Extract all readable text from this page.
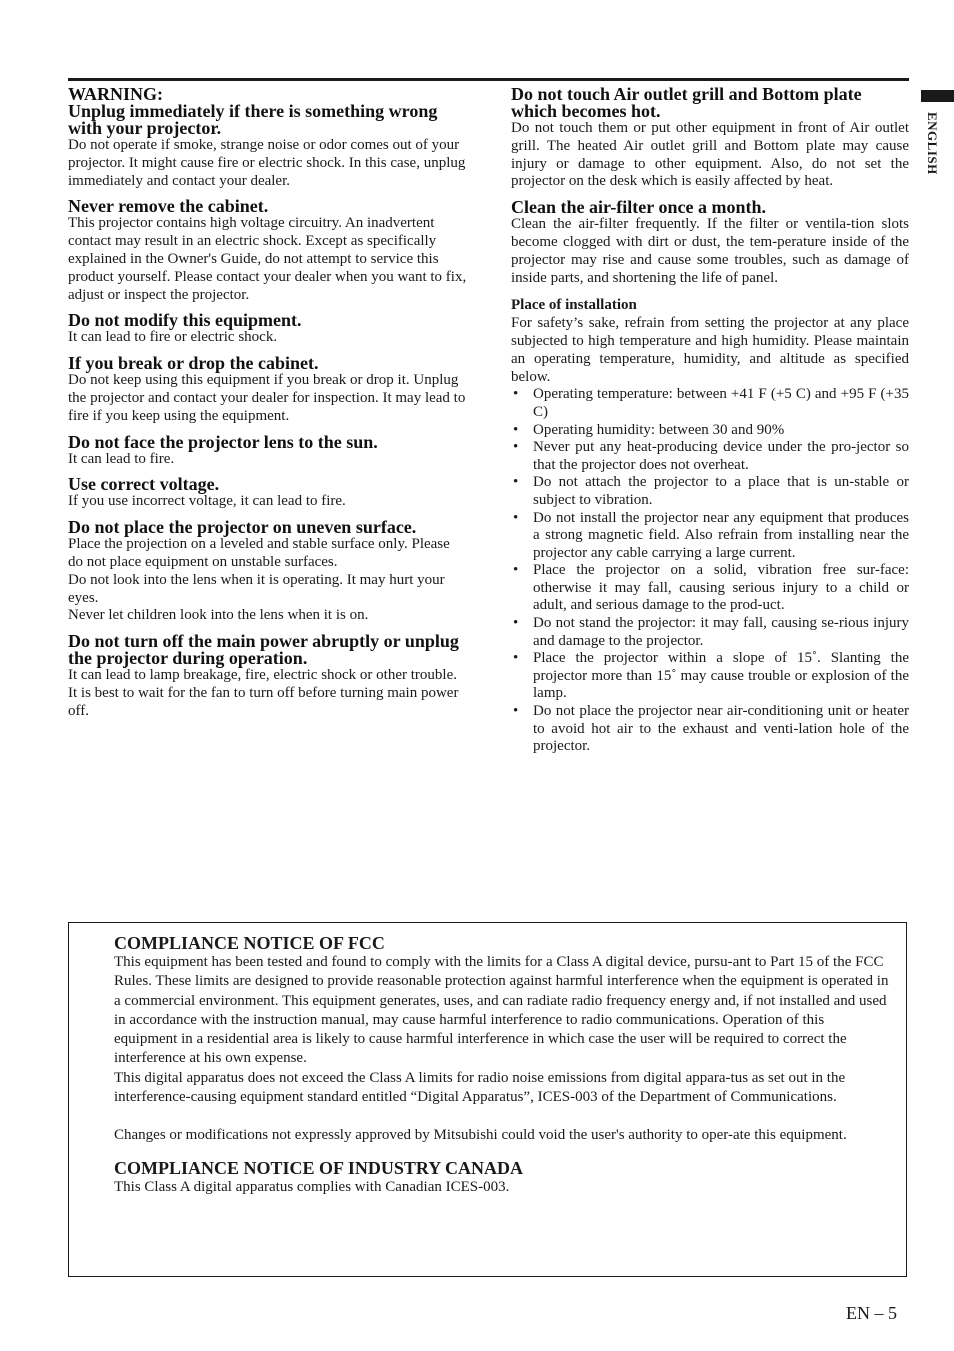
ENGLISH
WARNING:
Unplug immediately if there is something wrong with your projector.

Do not operate if smoke, strange noise or odor comes out of your projector. It might cause fire or electric shock. In this case, unplug immediately and contact your dealer.

Never remove the cabinet.

This projector contains high voltage circuitry. An inadvertent contact may result in an electric shock. Except as specifically explained in the Owner's Guide, do not attempt to service this product yourself. Please contact your dealer when you want to fix, adjust or inspect the projector.

Do not modify this equipment.

It can lead to fire or electric shock.

If you break or drop the cabinet.

Do not keep using this equipment if you break or drop it. Unplug the projector and contact your dealer for inspection. It may lead to fire if you keep using the equipment.

Do not face the projector lens to the sun.

It can lead to fire.

Use correct voltage.

If you use incorrect voltage, it can lead to fire.

Do not place the projector on uneven surface.

Place the projection on a leveled and stable surface only. Please do not place equipment on unstable surfaces.

Do not look into the lens when it is operating. It may hurt your eyes.

Never let children look into the lens when it is on.

Do not turn off the main power abruptly or unplug the projector during operation.

It can lead to lamp breakage, fire, electric shock or other trouble. It is best to wait for the fan to turn off before turning main power off.

Do not touch Air outlet grill and Bottom plate which becomes hot.

Do not touch them or put other equipment in front of Air outlet grill. The heated Air outlet grill and Bottom plate may cause injury or damage to other equipment. Also, do not set the projector on the desk which is easily affected by heat.

Clean the air-filter once a month.

Clean the air-filter frequently. If the filter or ventila-tion slots become clogged with dirt or dust, the tem-perature inside of the projector may rise and cause some troubles, such as damage of inside parts, and shortening the life of panel.

Place of installation

For safety’s sake, refrain from setting the projector at any place subjected to high temperature and high humidity. Please maintain an operating temperature, humidity, and altitude as specified below.

• Operating temperature: between +41 F (+5 C) and +95 F (+35 C)
• Operating humidity: between 30 and 90%
• Never put any heat-producing device under the pro-jector so that the projector does not overheat.
• Do not attach the projector to a place that is un-stable or subject to vibration.
• Do not install the projector near any equipment that produces a strong magnetic field. Also refrain from installing near the projector any cable carrying a large current.
• Place the projector on a solid, vibration free sur-face: otherwise it may fall, causing serious injury to a child or adult, and serious damage to the prod-uct.
• Do not stand the projector: it may fall, causing se-rious injury and damage to the projector.
• Place the projector within a slope of 15˚. Slanting the projector more than 15˚ may cause trouble or explosion of the lamp.
• Do not place the projector near air-conditioning unit or heater to avoid hot air to the exhaust and venti-lation hole of the projector.
COMPLIANCE NOTICE OF FCC

This equipment has been tested and found to comply with the limits for a Class A digital device, pursu-ant to Part 15 of the FCC Rules. These limits are designed to provide reasonable protection against harmful interference when the equipment is operated in a commercial environment. This equipment generates, uses, and can radiate radio frequency energy and, if not installed and used in accordance with the instruction manual, may cause harmful interference to radio communications. Operation of this equipment in a residential area is likely to cause harmful interference in which case the user will be required to correct the interference at his own expense.

This digital apparatus does not exceed the Class A limits for radio noise emissions from digital appara-tus as set out in the interference-causing equipment standard entitled “Digital Apparatus”, ICES-003 of the Department of Communications.

Changes or modifications not expressly approved by Mitsubishi could void the user's authority to oper-ate this equipment.

COMPLIANCE NOTICE OF INDUSTRY CANADA

This Class A digital apparatus complies with Canadian ICES-003.

EN – 5
